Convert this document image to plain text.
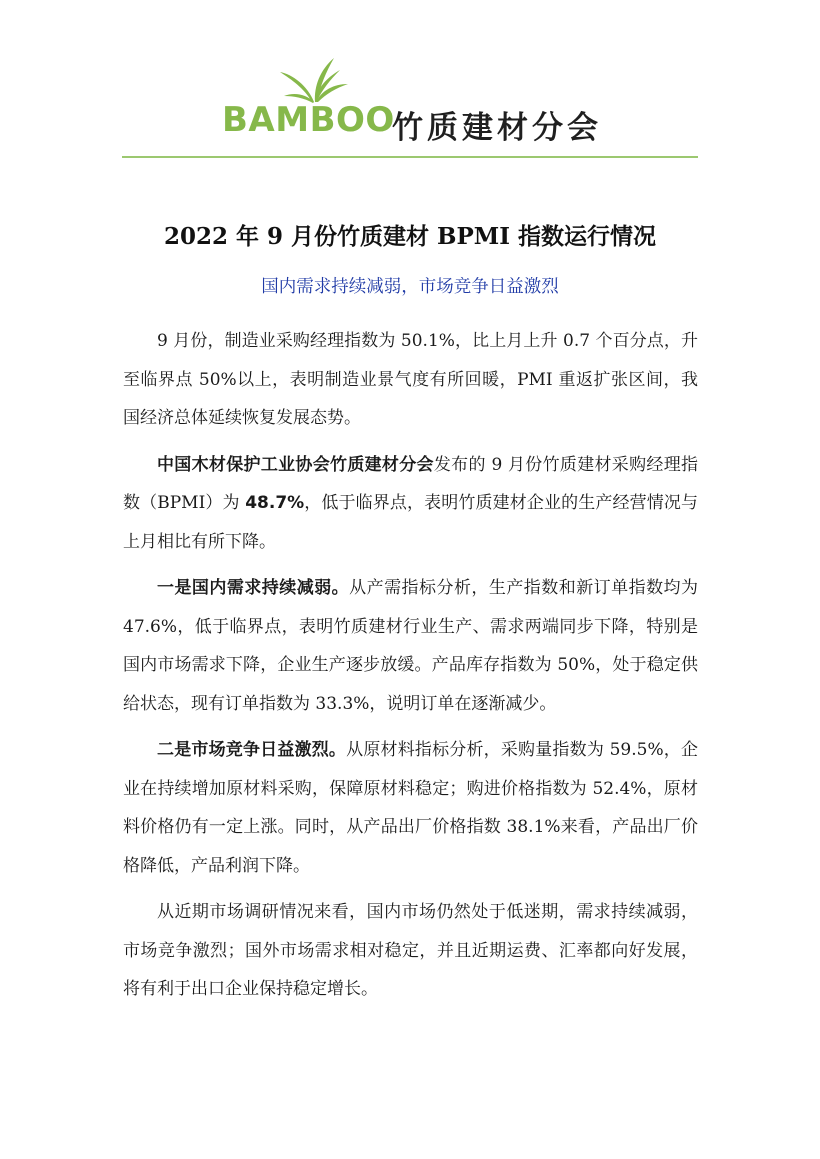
BAMBOO
竹质建材分会
2022 年 9 月份竹质建材 BPMI 指数运行情况
国内需求持续减弱，市场竞争日益激烈

9 月份，制造业采购经理指数为 50.1%，比上月上升 0.7 个百分点，升至临界点 50%以上，表明制造业景气度有所回暖，PMI 重返扩张区间，我国经济总体延续恢复发展态势。

中国木材保护工业协会竹质建材分会发布的 9 月份竹质建材采购经理指数（BPMI）为 48.7%，低于临界点，表明竹质建材企业的生产经营情况与上月相比有所下降。

一是国内需求持续减弱。从产需指标分析，生产指数和新订单指数均为 47.6%，低于临界点，表明竹质建材行业生产、需求两端同步下降，特别是国内市场需求下降，企业生产逐步放缓。产品库存指数为 50%，处于稳定供给状态，现有订单指数为 33.3%，说明订单在逐渐减少。

二是市场竞争日益激烈。从原材料指标分析，采购量指数为 59.5%，企业在持续增加原材料采购，保障原材料稳定；购进价格指数为 52.4%，原材料价格仍有一定上涨。同时，从产品出厂价格指数 38.1%来看，产品出厂价格降低，产品利润下降。

从近期市场调研情况来看，国内市场仍然处于低迷期，需求持续减弱，市场竞争激烈；国外市场需求相对稳定，并且近期运费、汇率都向好发展，将有利于出口企业保持稳定增长。
